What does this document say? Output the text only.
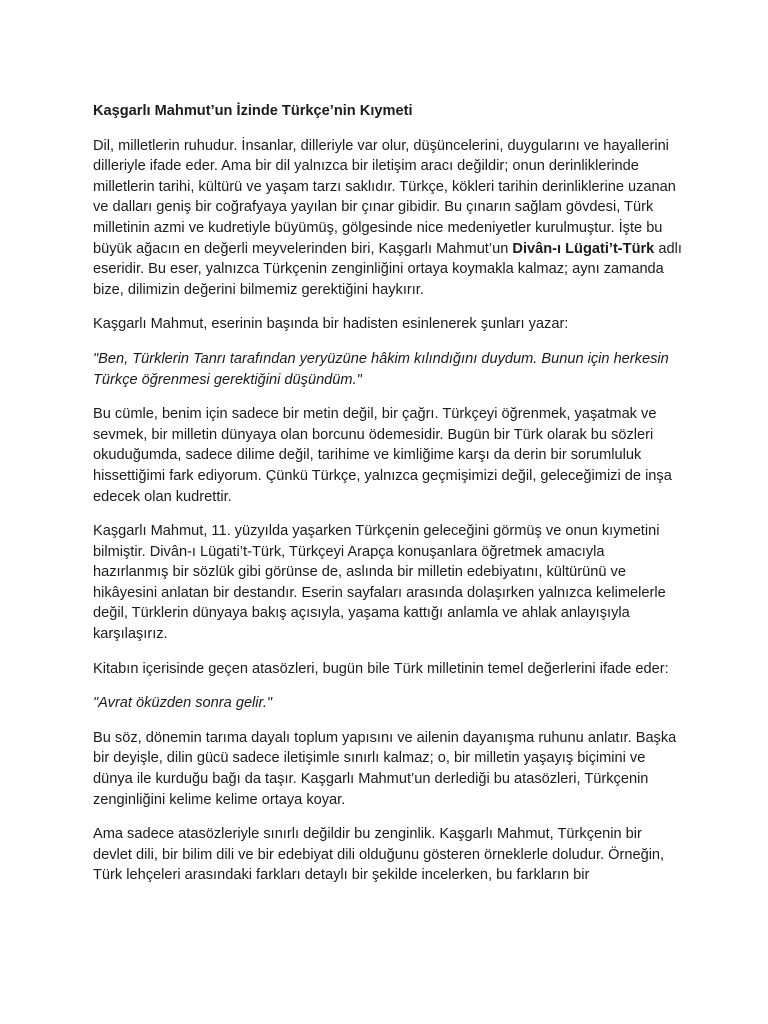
Kaşgarlı Mahmut’un İzinde Türkçe’nin Kıymeti

Dil, milletlerin ruhudur. İnsanlar, dilleriyle var olur, düşüncelerini, duygularını ve hayallerini dilleriyle ifade eder. Ama bir dil yalnızca bir iletişim aracı değildir; onun derinliklerinde milletlerin tarihi, kültürü ve yaşam tarzı saklıdır. Türkçe, kökleri tarihin derinliklerine uzanan ve dalları geniş bir coğrafyaya yayılan bir çınar gibidir. Bu çınarın sağlam gövdesi, Türk milletinin azmi ve kudretiyle büyümüş, gölgesinde nice medeniyetler kurulmuştur. İşte bu büyük ağacın en değerli meyvelerinden biri, Kaşgarlı Mahmut’un Divân-ı Lügati’t-Türk adlı eseridir. Bu eser, yalnızca Türkçenin zenginliğini ortaya koymakla kalmaz; aynı zamanda bize, dilimizin değerini bilmemiz gerektiğini haykırır.

Kaşgarlı Mahmut, eserinin başında bir hadisten esinlenerek şunları yazar:

"Ben, Türklerin Tanrı tarafından yeryüzüne hâkim kılındığını duydum. Bunun için herkesin Türkçe öğrenmesi gerektiğini düşündüm."

Bu cümle, benim için sadece bir metin değil, bir çağrı. Türkçeyi öğrenmek, yaşatmak ve sevmek, bir milletin dünyaya olan borcunu ödemesidir. Bugün bir Türk olarak bu sözleri okuduğumda, sadece dilime değil, tarihime ve kimliğime karşı da derin bir sorumluluk hissettiğimi fark ediyorum. Çünkü Türkçe, yalnızca geçmişimizi değil, geleceğimizi de inşa edecek olan kudrettir.

Kaşgarlı Mahmut, 11. yüzyılda yaşarken Türkçenin geleceğini görmüş ve onun kıymetini bilmiştir. Divân-ı Lügati’t-Türk, Türkçeyi Arapça konuşanlara öğretmek amacıyla hazırlanmış bir sözlük gibi görünse de, aslında bir milletin edebiyatını, kültürünü ve hikâyesini anlatan bir destandır. Eserin sayfaları arasında dolaşırken yalnızca kelimelerle değil, Türklerin dünyaya bakış açısıyla, yaşama kattığı anlamla ve ahlak anlayışıyla karşılaşırız.

Kitabın içerisinde geçen atasözleri, bugün bile Türk milletinin temel değerlerini ifade eder:

"Avrat öküzden sonra gelir."

Bu söz, dönemin tarıma dayalı toplum yapısını ve ailenin dayanışma ruhunu anlatır. Başka bir deyişle, dilin gücü sadece iletişimle sınırlı kalmaz; o, bir milletin yaşayış biçimini ve dünya ile kurduğu bağı da taşır. Kaşgarlı Mahmut’un derlediği bu atasözleri, Türkçenin zenginliğini kelime kelime ortaya koyar.

Ama sadece atasözleriyle sınırlı değildir bu zenginlik. Kaşgarlı Mahmut, Türkçenin bir devlet dili, bir bilim dili ve bir edebiyat dili olduğunu gösteren örneklerle doludur. Örneğin, Türk lehçeleri arasındaki farkları detaylı bir şekilde incelerken, bu farkların bir
